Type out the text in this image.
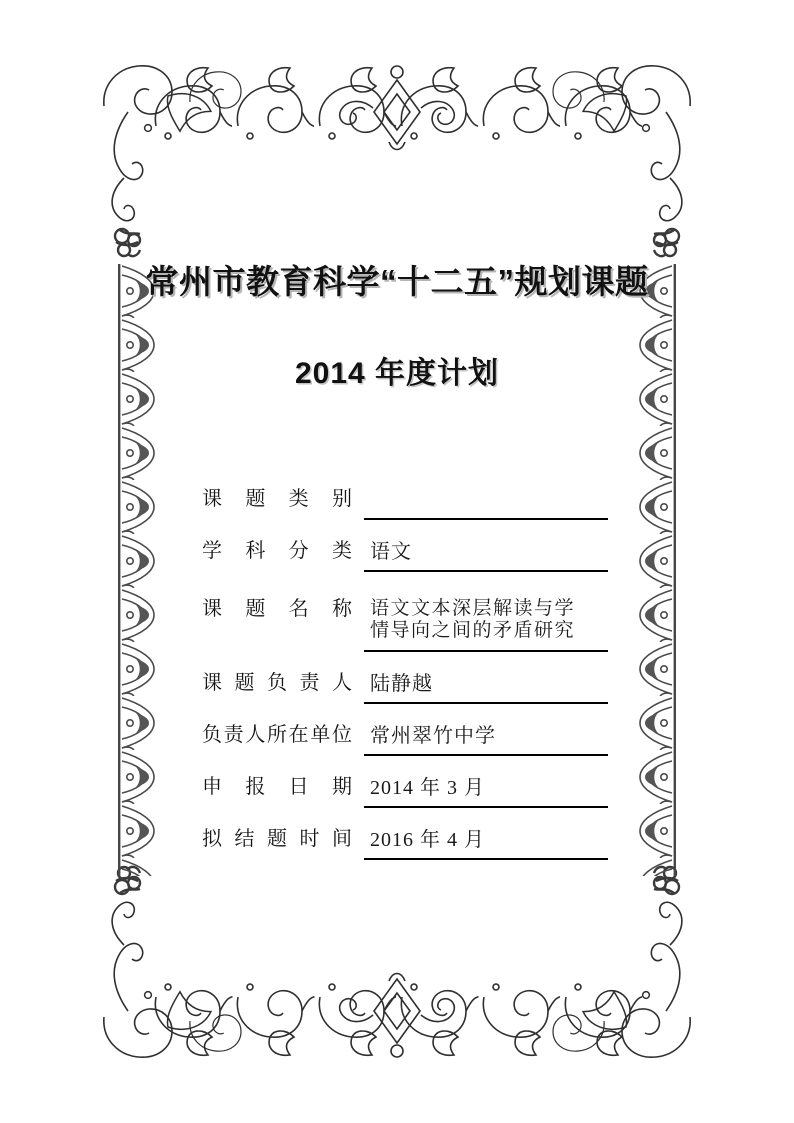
常州市教育科学“十二五”规划课题
2014 年度计划
课题类别
学科分类 语文
课题名称 语文文本深层解读与学情导向之间的矛盾研究
课题负责人 陆静越
负责人所在单位 常州翠竹中学
申报日期 2014 年 3 月
拟结题时间 2016 年 4 月
